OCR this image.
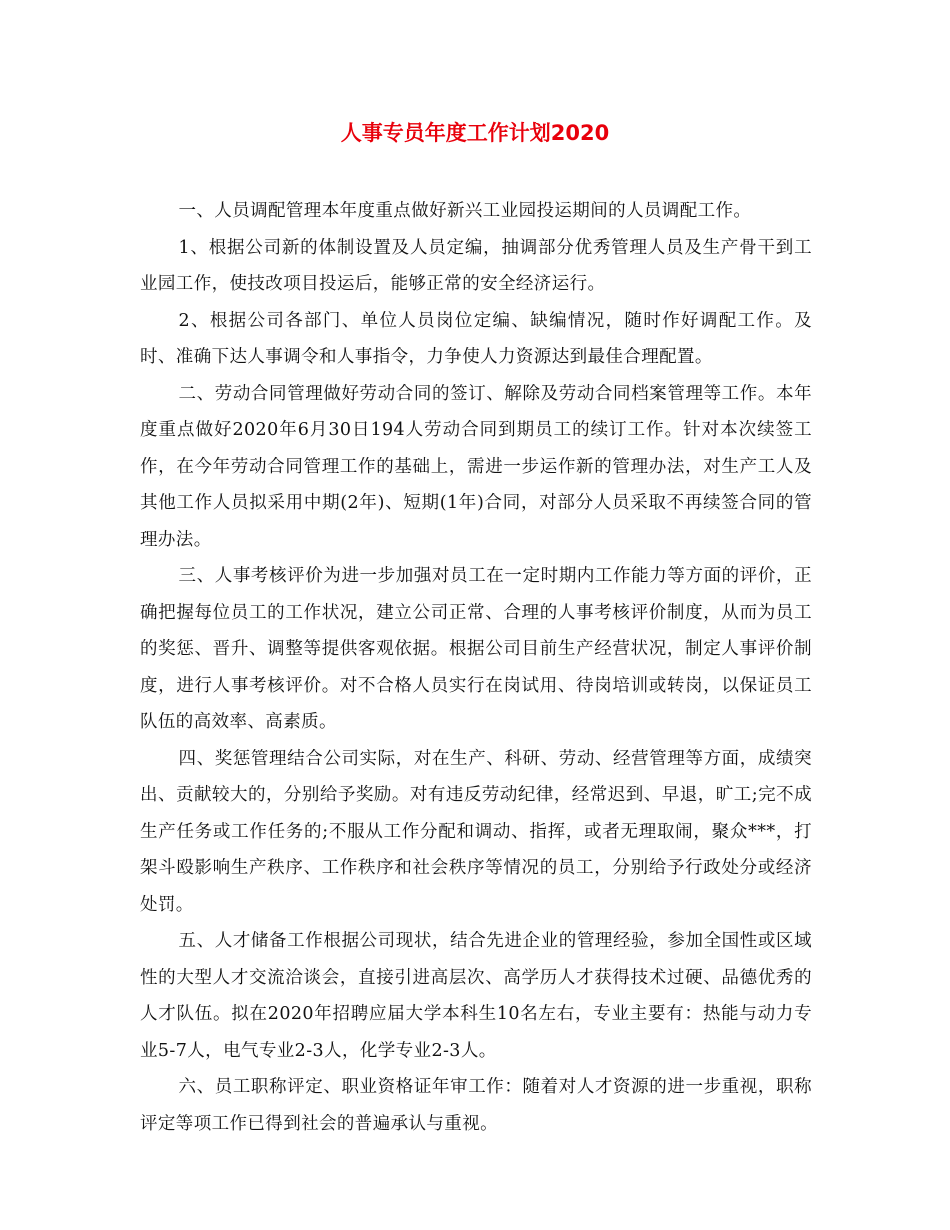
人事专员年度工作计划2020

一、人员调配管理本年度重点做好新兴工业园投运期间的人员调配工作。

1、根据公司新的体制设置及人员定编，抽调部分优秀管理人员及生产骨干到工业园工作，使技改项目投运后，能够正常的安全经济运行。

2、根据公司各部门、单位人员岗位定编、缺编情况，随时作好调配工作。及时、准确下达人事调令和人事指令，力争使人力资源达到最佳合理配置。

二、劳动合同管理做好劳动合同的签订、解除及劳动合同档案管理等工作。本年度重点做好2020年6月30日194人劳动合同到期员工的续订工作。针对本次续签工作，在今年劳动合同管理工作的基础上，需进一步运作新的管理办法，对生产工人及其他工作人员拟采用中期(2年)、短期(1年)合同，对部分人员采取不再续签合同的管理办法。

三、人事考核评价为进一步加强对员工在一定时期内工作能力等方面的评价，正确把握每位员工的工作状况，建立公司正常、合理的人事考核评价制度，从而为员工的奖惩、晋升、调整等提供客观依据。根据公司目前生产经营状况，制定人事评价制度，进行人事考核评价。对不合格人员实行在岗试用、待岗培训或转岗，以保证员工队伍的高效率、高素质。

四、奖惩管理结合公司实际，对在生产、科研、劳动、经营管理等方面，成绩突出、贡献较大的，分别给予奖励。对有违反劳动纪律，经常迟到、早退，旷工;完不成生产任务或工作任务的;不服从工作分配和调动、指挥，或者无理取闹，聚众***，打架斗殴影响生产秩序、工作秩序和社会秩序等情况的员工，分别给予行政处分或经济处罚。

五、人才储备工作根据公司现状，结合先进企业的管理经验，参加全国性或区域性的大型人才交流洽谈会，直接引进高层次、高学历人才获得技术过硬、品德优秀的人才队伍。拟在2020年招聘应届大学本科生10名左右，专业主要有：热能与动力专业5-7人，电气专业2-3人，化学专业2-3人。

六、员工职称评定、职业资格证年审工作：随着对人才资源的进一步重视，职称评定等项工作已得到社会的普遍承认与重视。
